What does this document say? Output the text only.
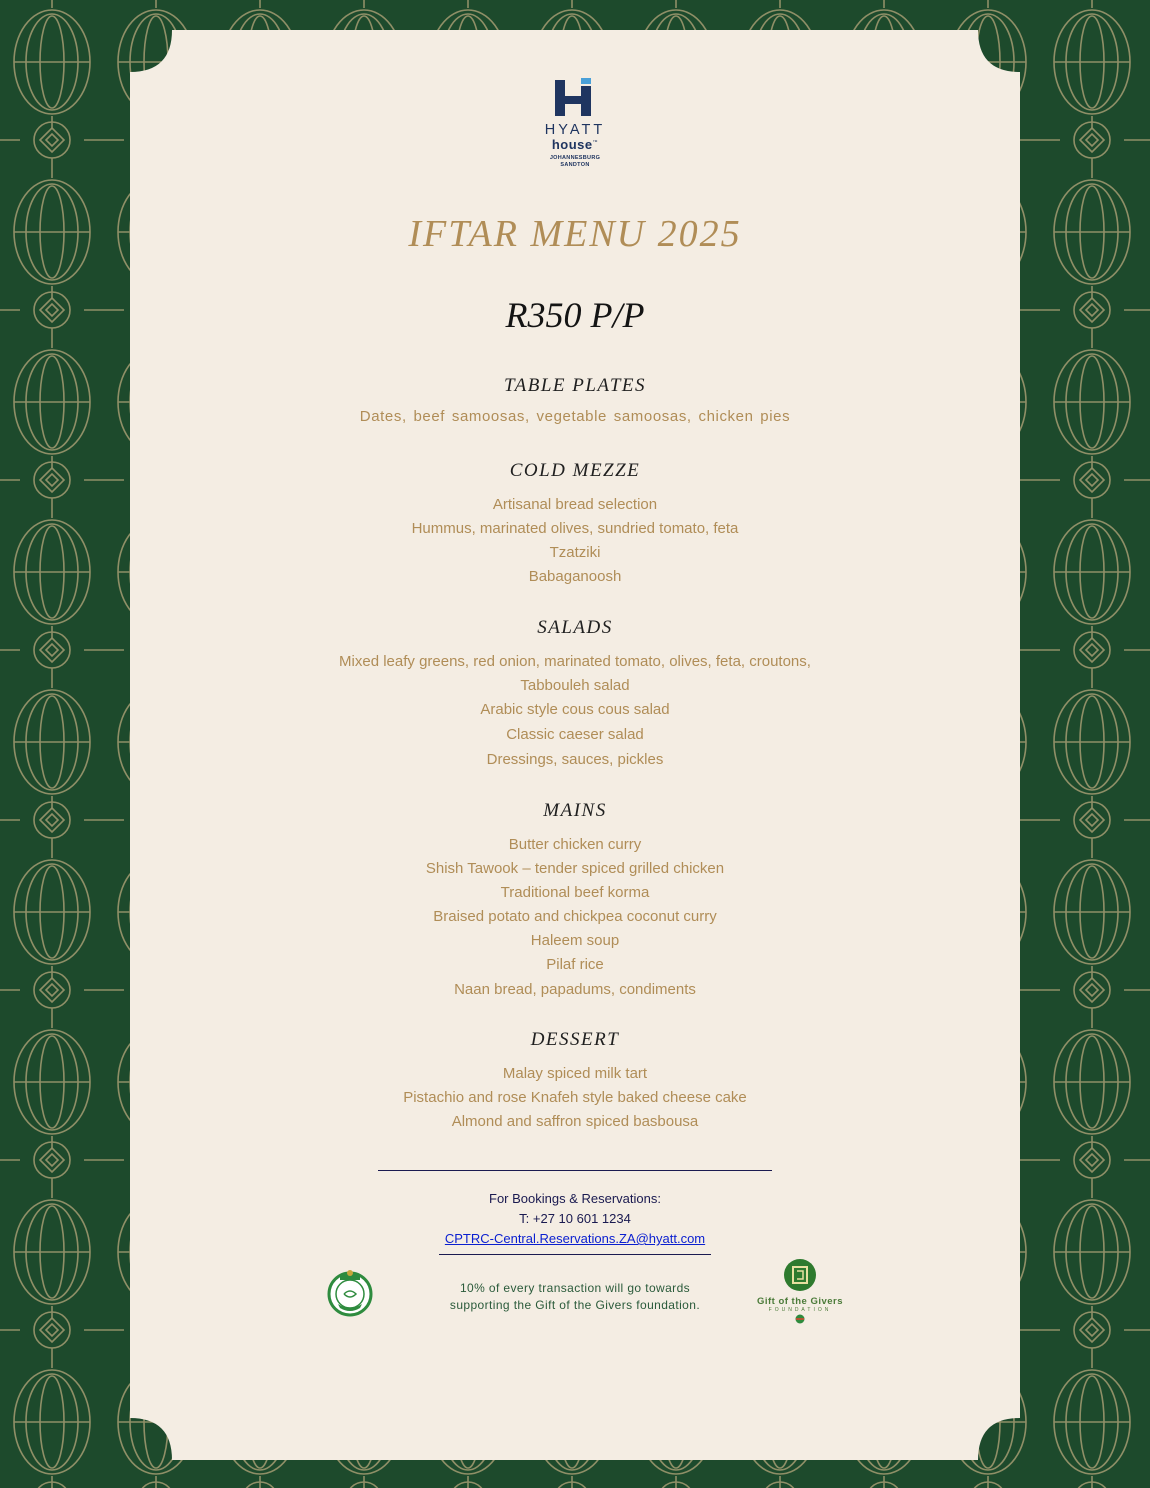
HYATT
house™
JOHANNESBURG
SANDTON
IFTAR MENU 2025
R350 P/P
TABLE PLATES
Dates, beef samoosas, vegetable samoosas, chicken pies
COLD MEZZE
Artisanal bread selection
Hummus, marinated olives, sundried tomato, feta
Tzatziki
Babaganoosh
SALADS
Mixed leafy greens, red onion, marinated tomato, olives, feta, croutons,
Tabbouleh salad
Arabic style cous cous salad
Classic caeser salad
Dressings, sauces, pickles
MAINS
Butter chicken curry
Shish Tawook – tender spiced grilled chicken
Traditional beef korma
Braised potato and chickpea coconut curry
Haleem soup
Pilaf rice
Naan bread, papadums, condiments
DESSERT
Malay spiced milk tart
Pistachio and rose Knafeh style baked cheese cake
Almond and saffron spiced basbousa
For Bookings & Reservations:
T: +27 10 601 1234
CPTRC-Central.Reservations.ZA@hyatt.com
10% of every transaction will go towards
supporting the Gift of the Givers foundation.	Gift of the Givers
FOUNDATION
